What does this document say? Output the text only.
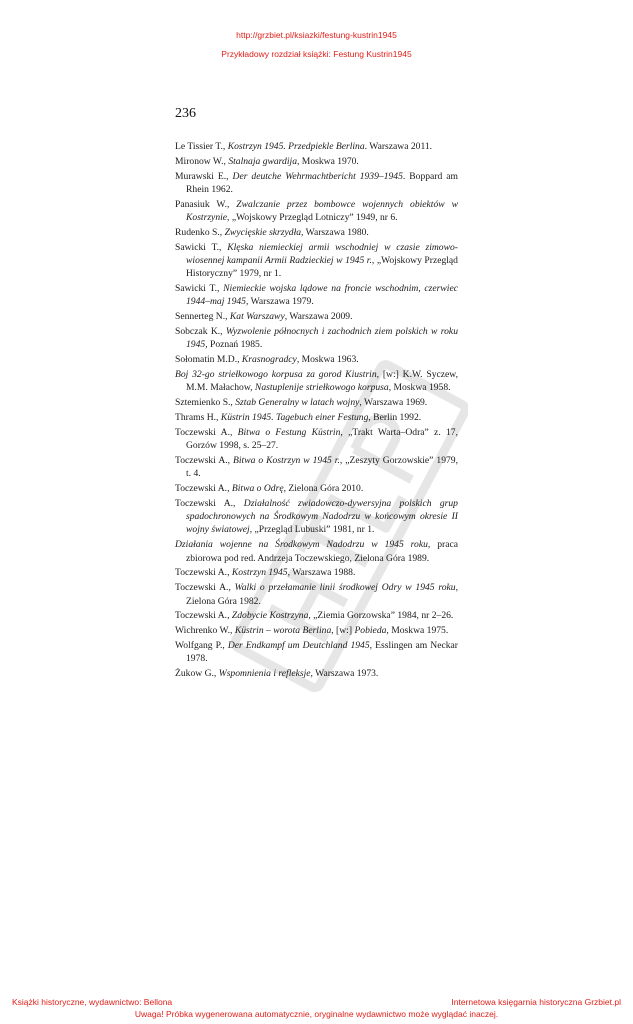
http://grzbiet.pl/ksiazki/festung-kustrin1945
Przykładowy rozdział książki: Festung Kustrin1945
236
Le Tissier T., Kostrzyn 1945. Przedpiekle Berlina. Warszawa 2011.
Mironow W., Stalnaja gwardija, Moskwa 1970.
Murawski E., Der deutche Wehrmachtbericht 1939–1945. Boppard am Rhein 1962.
Panasiuk W., Zwalczanie przez bombowce wojennych obiektów w Kostrzynie, „Wojskowy Przegląd Lotniczy” 1949, nr 6.
Rudenko S., Zwycięskie skrzydła, Warszawa 1980.
Sawicki T., Klęska niemieckiej armii wschodniej w czasie zimowo-wiosennej kampanii Armii Radzieckiej w 1945 r., „Wojskowy Przegląd Historyczny” 1979, nr 1.
Sawicki T., Niemieckie wojska lądowe na froncie wschodnim, czerwiec 1944–maj 1945, Warszawa 1979.
Sennerteg N., Kat Warszawy, Warszawa 2009.
Sobczak K., Wyzwolenie północnych i zachodnich ziem polskich w roku 1945, Poznań 1985.
Sołomatin M.D., Krasnogradcy, Moskwa 1963.
Boj 32-go striełkowogo korpusa za gorod Kiustrin, [w:] K.W. Syczew, M.M. Małachow, Nastuplenije striełkowogo korpusa, Moskwa 1958.
Sztemienko S., Sztab Generalny w latach wojny, Warszawa 1969.
Thrams H., Küstrin 1945. Tagebuch einer Festung, Berlin 1992.
Toczewski A., Bitwa o Festung Küstrin, „Trakt Warta–Odra” z. 17, Gorzów 1998, s. 25–27.
Toczewski A., Bitwa o Kostrzyn w 1945 r., „Zeszyty Gorzowskie” 1979, t. 4.
Toczewski A., Bitwa o Odrę, Zielona Góra 2010.
Toczewski A., Działalność zwiadowczo-dywersyjna polskich grup spadochronowych na Środkowym Nadodrzu w końcowym okresie II wojny światowej, „Przegląd Lubuski” 1981, nr 1.
Działania wojenne na Środkowym Nadodrzu w 1945 roku, praca zbiorowa pod red. Andrzeja Toczewskiego, Zielona Góra 1989.
Toczewski A., Kostrzyn 1945, Warszawa 1988.
Toczewski A., Walki o przełamanie linii środkowej Odry w 1945 roku, Zielona Góra 1982.
Toczewski A., Zdobycie Kostrzyna, „Ziemia Gorzowska” 1984, nr 2–26.
Wichrenko W., Küstrin – worota Berlina, [w:] Pobieda, Moskwa 1975.
Wolfgang P., Der Endkampf um Deutchland 1945, Esslingen am Neckar 1978.
Żukow G., Wspomnienia i refleksje, Warszawa 1973.
Książki historyczne, wydawnictwo: Bellona	Internetowa księgarnia historyczna Grzbiet.pl
Uwaga! Próbka wygenerowana automatycznie, oryginalne wydawnictwo może wyglądać inaczej.
